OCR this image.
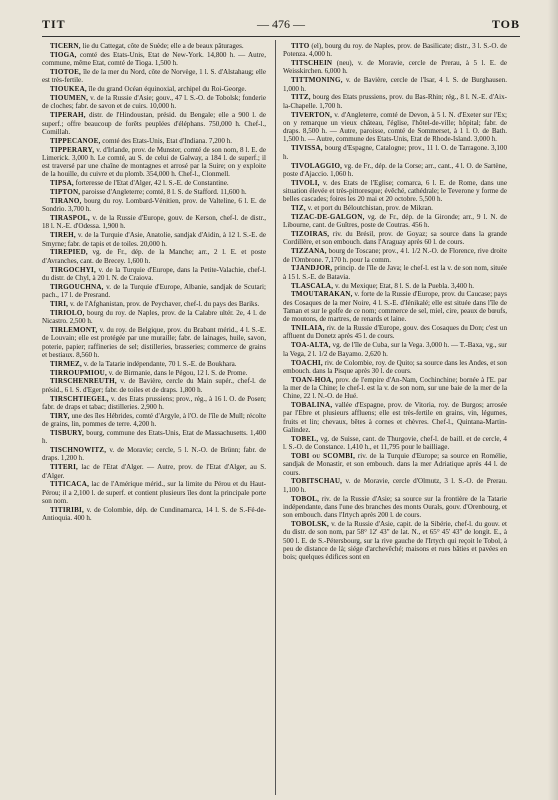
TIT	— 476 —	TOB

TICERN, lie du Cattegat, côte de Suède; elle a de beaux pâturages.

TIOGA, comté des Etats-Unis, Etat de New-York. 14,800 h. — Autre, commune, même Etat, comté de Tioga. 1,500 h.

TIOTOE, île de la mer du Nord, côte de Norvège, 1 l. S. d'Alstahaug; elle est très-fertile.

TIOUKEA, île du grand Océan équinoxial, archipel du Roi-George.

TIOUMEN, v. de la Russie d'Asie; gouv., 47 l. S.-O. de Tobolsk; fonderie de cloches; fabr. de savon et de cuirs. 10,000 h.

TIPERAH, distr. de l'Hindoustan, présid. du Bengale; elle a 900 l. de superf.; offre beaucoup de forêts peuplées d'éléphans. 750,000 h. Chef-l., Comillah.

TIPPECANOE, comté des Etats-Unis, Etat d'Indiana. 7,200 h.

TIPPERARY, v. d'Irlande, prov. de Munster, comté de son nom, 8 l. E. de Limerick. 3,000 h. Le comté, au S. de celui de Galway, a 184 l. de superf.; il est traversé par une chaîne de montagnes et arrosé par la Suire; on y exploite de la houille, du cuivre et du plomb. 354,000 h. Chef-l., Clonmell.

TIPSA, forteresse de l'Etat d'Alger, 42 l. S.-E. de Constantine.

TIPTON, paroisse d'Angleterre; comté, 8 l. S. de Stafford. 11,600 h.

TIRANO, bourg du roy. Lombard-Vénitien, prov. de Valteline, 6 l. E. de Sondrio. 3,700 h.

TIRASPOL, v. de la Russie d'Europe, gouv. de Kerson, chef-l. de distr., 18 l. N.-E. d'Odessa. 1,900 h.

TIREH, v. de la Turquie d'Asie, Anatolie, sandjak d'Aidin, à 12 l. S.-E. de Smyrne; fabr. de tapis et de toiles. 20,000 h.

TIREPIED, vg. de Fr., dép. de la Manche; arr., 2 l. E. et poste d'Avranches, cant. de Brecey. 1,600 h.

TIRGOCHYI, v. de la Turquie d'Europe, dans la Petite-Valachie, chef-l. du distr. de Chyl, à 20 l. N. de Craiova.

TIRGOUCHNA, v. de la Turquie d'Europe, Albanie, sandjak de Scutari; pach., 17 l. de Presrand.

TIRI, v. de l'Afghanistan, prov. de Peychaver, chef-l. du pays des Bariks.

TIRIOLO, bourg du roy. de Naples, prov. de la Calabre ultér. 2e, 4 l. de Nicastro. 2,500 h.

TIRLEMONT, v. du roy. de Belgique, prov. du Brabant mérid., 4 l. S.-E. de Louvain; elle est protégée par une muraille; fabr. de lainages, huile, savon, poterie, papier; raffineries de sel; distilleries, brasseries; commerce de grains et bestiaux. 8,560 h.

TIRMEZ, v. de la Tatarie indépendante, 70 l. S.-E. de Boukhara.

TIRROUPMIOU, v. de Birmanie, dans le Pégou, 12 l. S. de Prome.

TIRSCHENREUTH, v. de Bavière, cercle du Main supér., chef-l. de présid., 6 l. S. d'Eger; fabr. de toiles et de draps. 1,800 h.

TIRSCHTIEGEL, v. des Etats prussiens; prov., rég., à 16 l. O. de Posen; fabr. de draps et tabac; distilleries. 2,900 h.

TIRY, une des îles Hébrides, comté d'Argyle, à l'O. de l'île de Mull; récolte de grains, lin, pommes de terre. 4,200 h.

TISBURY, bourg, commune des Etats-Unis, Etat de Massachusetts. 1,400 h.

TISCHNOWITZ, v. de Moravie; cercle, 5 l. N.-O. de Brünn; fabr. de draps. 1,200 h.

TITERI, lac de l'Etat d'Alger. — Autre, prov. de l'Etat d'Alger, au S. d'Alger.

TITICACA, lac de l'Amérique mérid., sur la limite du Pérou et du Haut-Pérou; il a 2,100 l. de superf. et contient plusieurs îles dont la principale porte son nom.

TITIRIBI, v. de Colombie, dép. de Cundinamarca, 14 l. S. de S.-Fé-de-Antioquia. 400 h.

TITO (el), bourg du roy. de Naples, prov. de Basilicate; distr., 3 l. S.-O. de Potenza. 4,000 h.

TITSCHEIN (neu), v. de Moravie, cercle de Prerau, à 5 l. E. de Weisskirchen. 6,000 h.

TITTMONING, v. de Bavière, cercle de l'Isar, 4 l. S. de Burghausen. 1,000 h.

TITZ, bourg des Etats prussiens, prov. du Bas-Rhin; rég., 8 l. N.-E. d'Aix-la-Chapelle. 1,700 h.

TIVERTON, v. d'Angleterre, comté de Devon, à 5 l. N. d'Exeter sur l'Ex; on y remarque un vieux château, l'église, l'hôtel-de-ville; hôpital; fabr. de draps. 8,500 h. — Autre, paroisse, comté de Sommerset, à 1 l. O. de Bath. 1,500 h. — Autre, commune des Etats-Unis, Etat de Rhode-Island. 3,000 h.

TIVISSA, bourg d'Espagne, Catalogne; prov., 11 l. O. de Tarragone. 3,100 h.

TIVOLAGGIO, vg. de Fr., dép. de la Corse; arr., cant., 4 l. O. de Sartène, poste d'Ajaccio. 1,060 h.

TIVOLI, v. des Etats de l'Eglise; comarca, 6 l. E. de Rome, dans une situation élevée et très-pittoresque; évêché, cathédrale; le Teverone y forme de belles cascades; foires les 20 mai et 20 octobre. 5,500 h.

TIZ, v. et port du Béloutchistan, prov. de Mikran.

TIZAC-DE-GALGON, vg. de Fr., dép. de la Gironde; arr., 9 l. N. de Libourne, cant. de Guîtres, poste de Coutras. 456 h.

TIZOIRAS, riv. du Brésil, prov. de Goyaz; sa source dans la grande Cordillère, et son embouch. dans l'Araguay après 60 l. de cours.

TIZZANA, bourg de Toscane; prov., 4 l. 1/2 N.-O. de Florence, rive droite de l'Ombrone. 7,170 h. pour la comm.

TJANDJOR, princip. de l'île de Java; le chef-l. est la v. de son nom, située à 15 l. S.-E. de Batavia.

TLASCALA, v. du Mexique; Etat, 8 l. S. de la Puebla. 3,400 h.

TMOUTARAKAN, v. forte de la Russie d'Europe, prov. du Caucase; pays des Cosaques de la mer Noire, 4 l. S.-E. d'Iénikalé; elle est située dans l'île de Taman et sur le golfe de ce nom; commerce de sel, miel, cire, peaux de bœufs, de moutons, de martres, de renards et laine.

TNILAIA, riv. de la Russie d'Europe, gouv. des Cosaques du Don; c'est un affluent du Donetz après 45 l. de cours.

TOA-ALTA, vg. de l'île de Cuba, sur la Vega. 3,000 h. — T.-Baxa, vg., sur la Vega, 2 l. 1/2 de Bayamo. 2,620 h.

TOACHI, riv. de Colombie, roy. de Quito; sa source dans les Andes, et son embouch. dans la Pisque après 30 l. de cours.

TOAN-HOA, prov. de l'empire d'An-Nam, Cochinchine; bornée à l'E. par la mer de la Chine; le chef-l. est la v. de son nom, sur une baie de la mer de la Chine, 22 l. N.-O. de Hué.

TOBALINA, vallée d'Espagne, prov. de Vitoria, roy. de Burgos; arrosée par l'Ebre et plusieurs affluens; elle est très-fertile en grains, vin, légumes, fruits et lin; chevaux, bêtes à cornes et chèvres. Chef-l., Quintana-Martin-Galindez.

TOBEL, vg. de Suisse, cant. de Thurgovie, chef-l. de baill. et de cercle, 4 l. S.-O. de Constance. 1,410 h., et 11,795 pour le bailliage.

TOBI ou SCOMBI, riv. de la Turquie d'Europe; sa source en Romélie, sandjak de Monastir, et son embouch. dans la mer Adriatique après 44 l. de cours.

TOBITSCHAU, v. de Moravie, cercle d'Olmutz, 3 l. S.-O. de Prerau. 1,100 h.

TOBOL, riv. de la Russie d'Asie; sa source sur la frontière de la Tatarie indépendante, dans l'une des branches des monts Ourals, gouv. d'Orenbourg, et son embouch. dans l'Irtych après 200 l. de cours.

TOBOLSK, v. de la Russie d'Asie, capit. de la Sibérie, chef-l. du gouv. et du distr. de son nom, par 58° 12' 43" de lat. N., et 65° 45' 43" de longit. E., à 500 l. E. de S.-Pétersbourg, sur la rive gauche de l'Irtych qui reçoit le Tobol, à peu de distance de là; siége d'archevêché; maisons et rues bâties et pavées en bois; quelques édifices sont en
